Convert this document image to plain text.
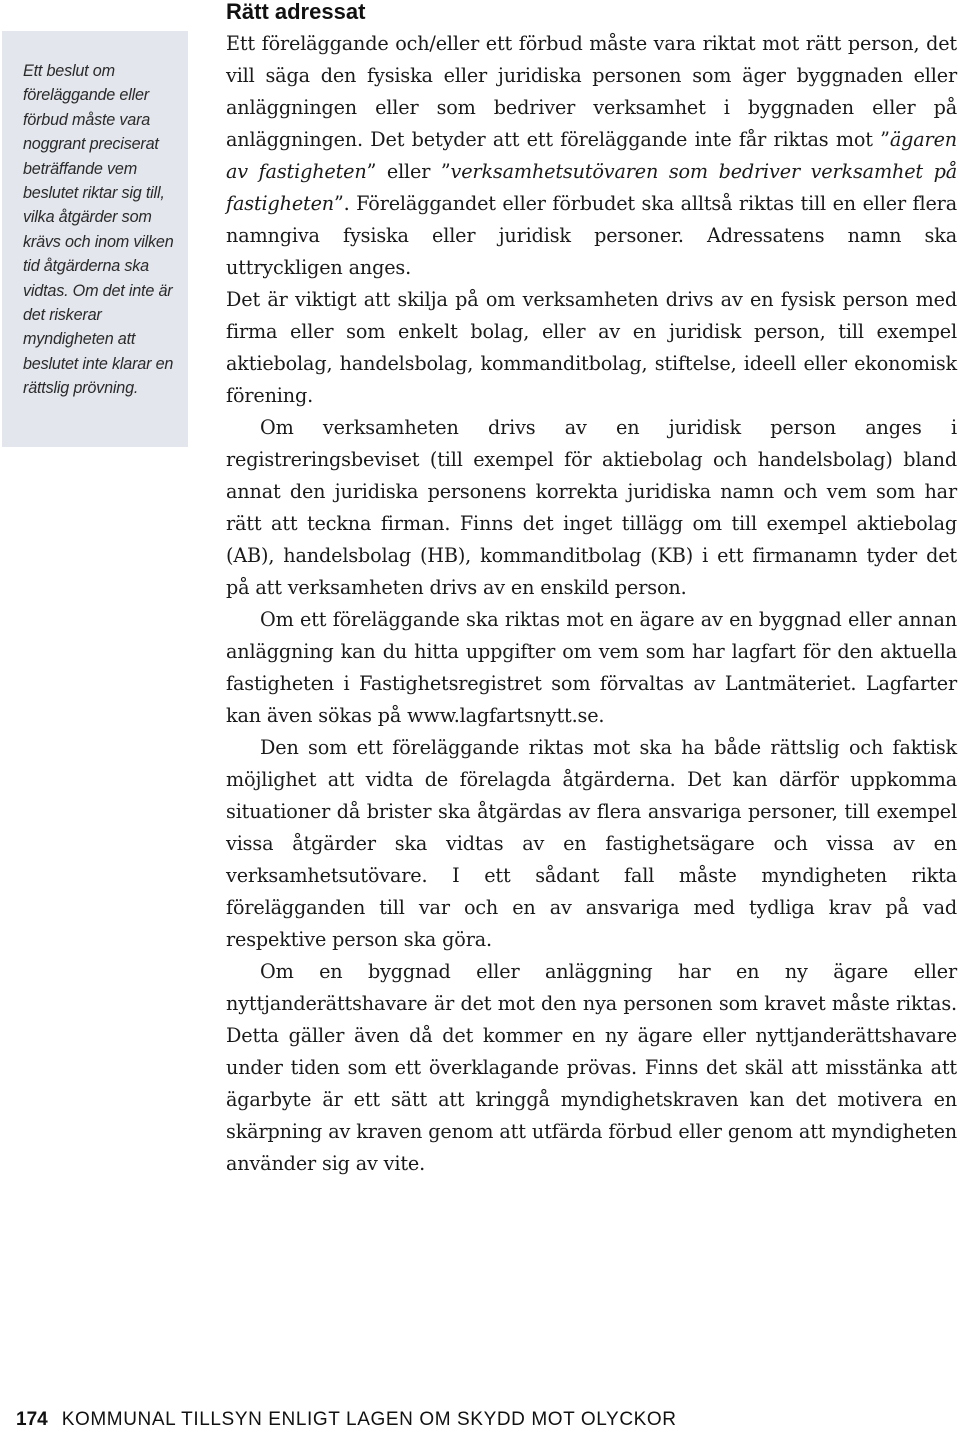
Ett beslut om föreläggande eller förbud måste vara noggrant preciserat beträffande vem beslutet riktar sig till, vilka åtgärder som krävs och inom vilken tid åtgärderna ska vidtas. Om det inte är det riskerar myndigheten att beslutet inte klarar en rättslig prövning.

Rätt adressat

Ett föreläggande och/eller ett förbud måste vara riktat mot rätt person, det vill säga den fysiska eller juridiska personen som äger byggnaden eller anläggningen eller som bedriver verksamhet i byggnaden eller på anläggningen. Det betyder att ett föreläggande inte får riktas mot ”ägaren av fastigheten” eller ”verksamhetsutövaren som bedriver verksamhet på fastigheten”. Föreläggandet eller förbudet ska alltså riktas till en eller flera namngiva fysiska eller juridisk personer. Adressatens namn ska uttryckligen anges.

Det är viktigt att skilja på om verksamheten drivs av en fysisk person med firma eller som enkelt bolag, eller av en juridisk person, till exempel aktiebolag, handelsbolag, kommanditbolag, stiftelse, ideell eller ekonomisk förening.

Om verksamheten drivs av en juridisk person anges i registreringsbeviset (till exempel för aktiebolag och handelsbolag) bland annat den juridiska personens korrekta juridiska namn och vem som har rätt att teckna firman. Finns det inget tillägg om till exempel aktiebolag (AB), handelsbolag (HB), kommanditbolag (KB) i ett firmanamn tyder det på att verksamheten drivs av en enskild person.

Om ett föreläggande ska riktas mot en ägare av en byggnad eller annan anläggning kan du hitta uppgifter om vem som har lagfart för den aktuella fastigheten i Fastighetsregistret som förvaltas av Lantmäteriet. Lagfarter kan även sökas på www.lagfartsnytt.se.

Den som ett föreläggande riktas mot ska ha både rättslig och faktisk möjlighet att vidta de förelagda åtgärderna. Det kan därför uppkomma situationer då brister ska åtgärdas av flera ansvariga personer, till exempel vissa åtgärder ska vidtas av en fastighetsägare och vissa av en verksamhetsutövare. I ett sådant fall måste myndigheten rikta förelägganden till var och en av ansvariga med tydliga krav på vad respektive person ska göra.

Om en byggnad eller anläggning har en ny ägare eller nyttjanderättshavare är det mot den nya personen som kravet måste riktas. Detta gäller även då det kommer en ny ägare eller nyttjanderättshavare under tiden som ett överklagande prövas. Finns det skäl att misstänka att ägarbyte är ett sätt att kringgå myndighetskraven kan det motivera en skärpning av kraven genom att utfärda förbud eller genom att myndigheten använder sig av vite.

174 KOMMUNAL TILLSYN ENLIGT LAGEN OM SKYDD MOT OLYCKOR
